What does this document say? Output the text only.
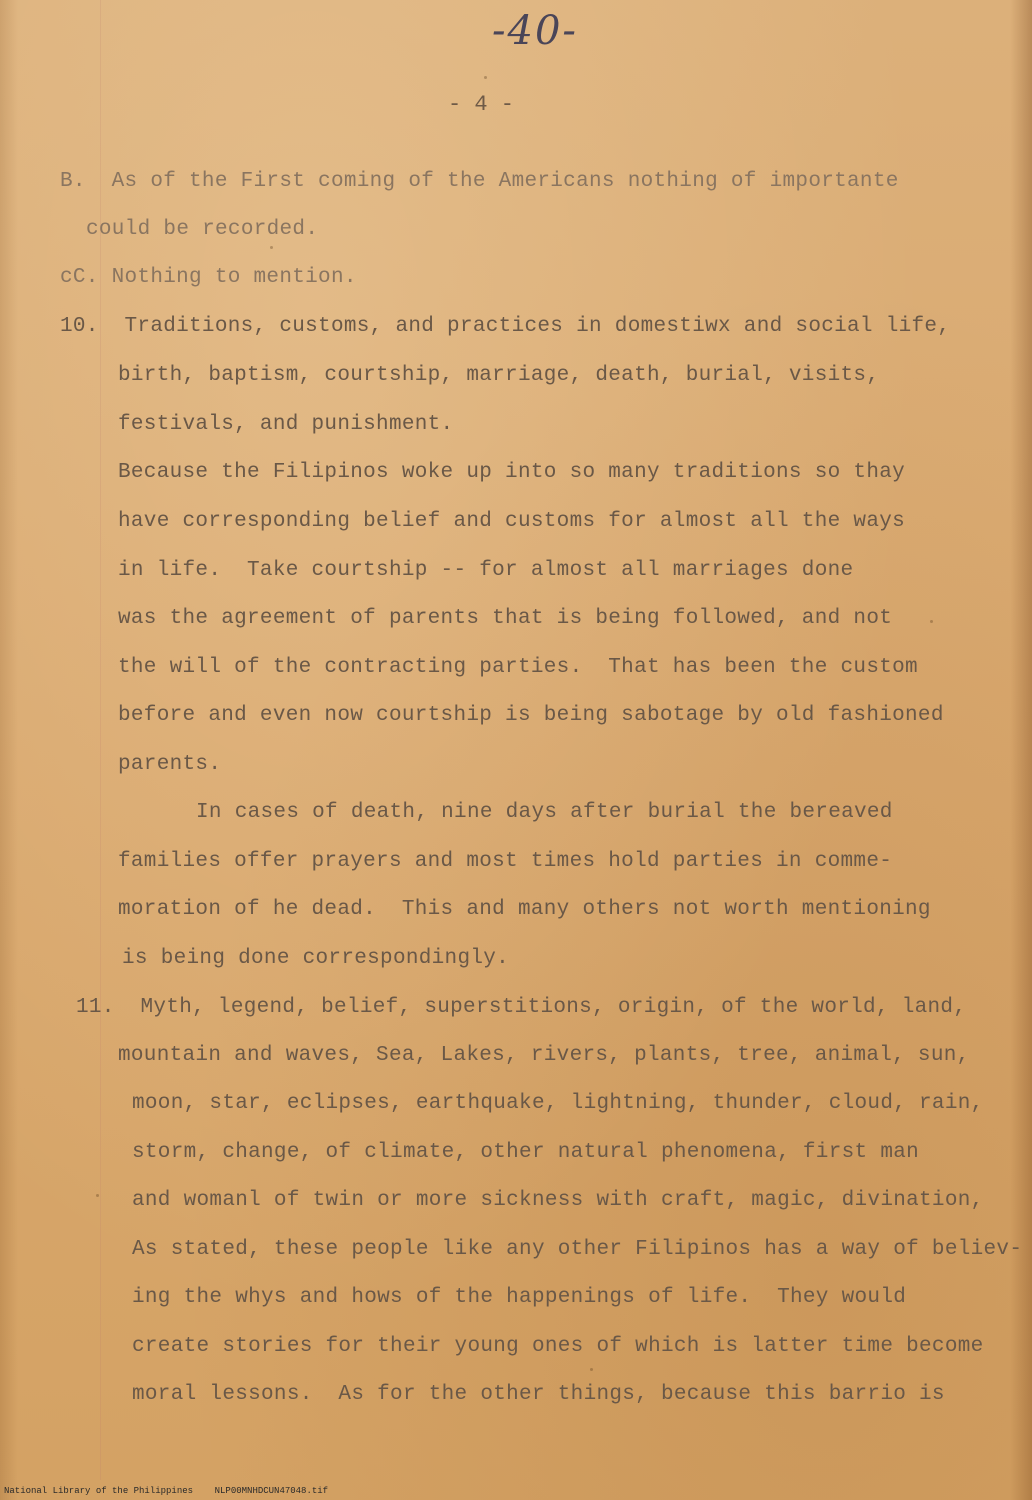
-40-
- 4 -
B.  As of the First coming of the Americans nothing of importante
could be recorded.
cC. Nothing to mention.
10.  Traditions, customs, and practices in domestiwx and social life,
birth, baptism, courtship, marriage, death, burial, visits,
festivals, and punishment.
Because the Filipinos woke up into so many traditions so thay
have corresponding belief and customs for almost all the ways
in life.  Take courtship -- for almost all marriages done
was the agreement of parents that is being followed, and not
the will of the contracting parties.  That has been the custom
before and even now courtship is being sabotage by old fashioned
parents.
In cases of death, nine days after burial the bereaved
families offer prayers and most times hold parties in comme-
moration of he dead.  This and many others not worth mentioning
is being done correspondingly.
11.  Myth, legend, belief, superstitions, origin, of the world, land,
mountain and waves, Sea, Lakes, rivers, plants, tree, animal, sun,
moon, star, eclipses, earthquake, lightning, thunder, cloud, rain,
storm, change, of climate, other natural phenomena, first man
and womanl of twin or more sickness with craft, magic, divination,
As stated, these people like any other Filipinos has a way of believ-
ing the whys and hows of the happenings of life.  They would
create stories for their young ones of which is latter time become
moral lessons.  As for the other things, because this barrio is
National Library of the Philippines    NLP00MNHDCUN47048.tif
